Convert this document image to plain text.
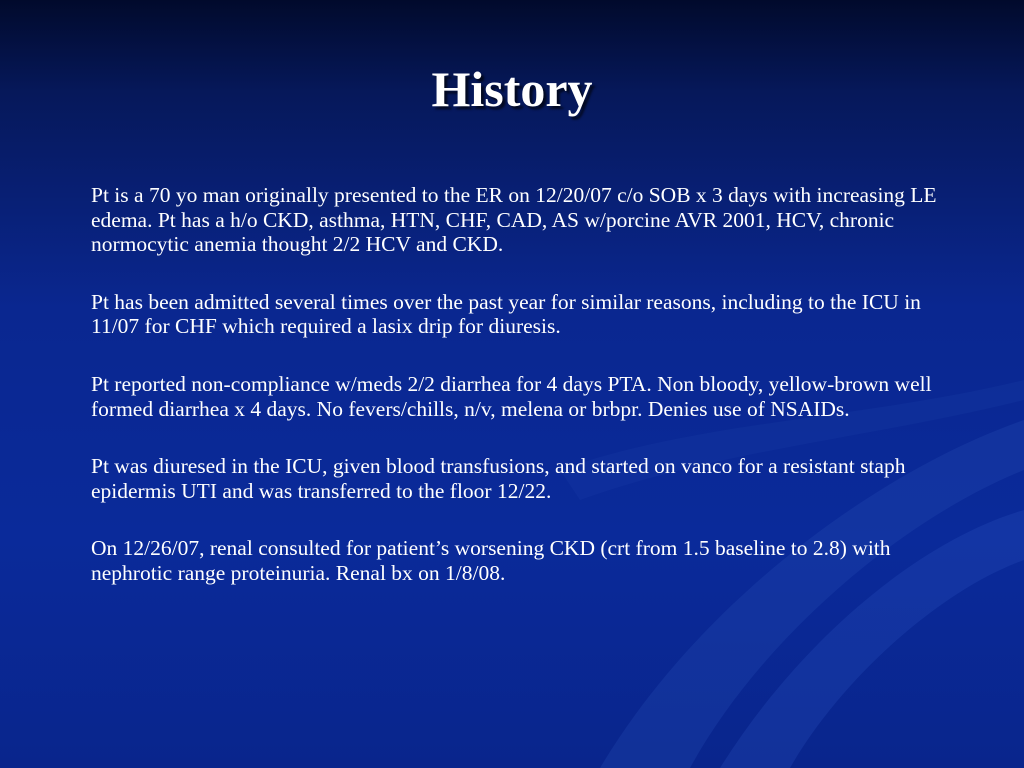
History

Pt is a 70 yo man originally presented to the ER on 12/20/07 c/o SOB x 3 days with increasing LE edema. Pt has a h/o CKD, asthma, HTN, CHF, CAD, AS w/porcine AVR 2001, HCV, chronic normocytic anemia thought 2/2 HCV and CKD.

Pt has been admitted several times over the past year for similar reasons, including to the ICU in 11/07 for CHF which required a lasix drip for diuresis.

Pt reported non-compliance w/meds 2/2 diarrhea for 4 days PTA. Non bloody, yellow-brown well formed diarrhea x 4 days. No fevers/chills, n/v, melena or brbpr. Denies use of NSAIDs.

Pt was diuresed in the ICU, given blood transfusions, and started on vanco for a resistant staph epidermis UTI and was transferred to the floor 12/22.

On 12/26/07, renal consulted for patient’s worsening CKD (crt from 1.5 baseline to 2.8) with nephrotic range proteinuria. Renal bx on 1/8/08.
